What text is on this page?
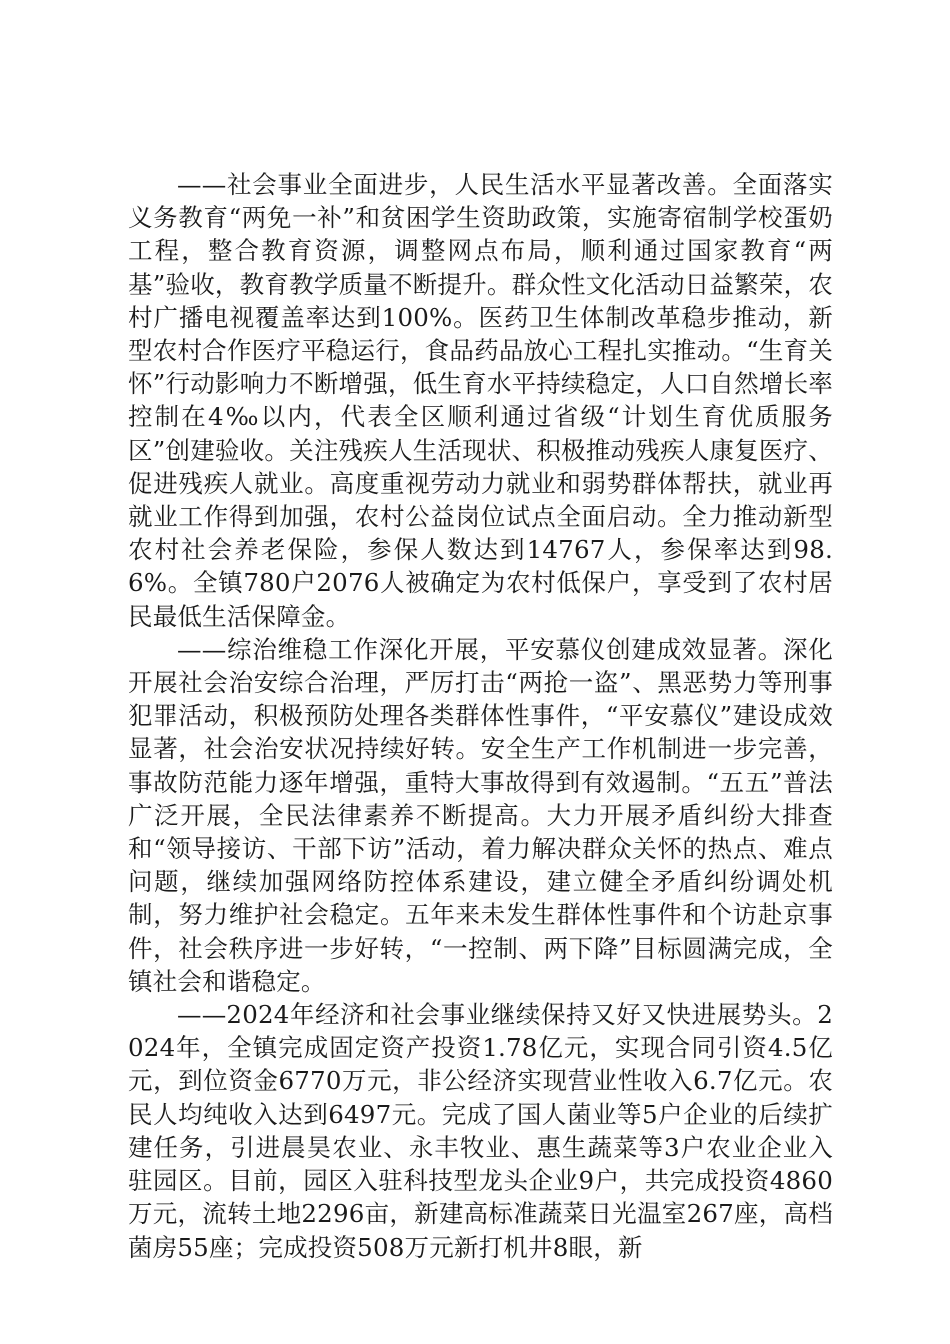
——社会事业全面进步，人民生活水平显著改善。全面落实义务教育“两免一补”和贫困学生资助政策，实施寄宿制学校蛋奶工程，整合教育资源，调整网点布局，顺利通过国家教育“两基”验收，教育教学质量不断提升。群众性文化活动日益繁荣，农村广播电视覆盖率达到100%。医药卫生体制改革稳步推动，新型农村合作医疗平稳运行，食品药品放心工程扎实推动。“生育关怀”行动影响力不断增强，低生育水平持续稳定，人口自然增长率控制在4‰以内，代表全区顺利通过省级“计划生育优质服务区”创建验收。关注残疾人生活现状、积极推动残疾人康复医疗、促进残疾人就业。高度重视劳动力就业和弱势群体帮扶，就业再就业工作得到加强，农村公益岗位试点全面启动。全力推动新型农村社会养老保险，参保人数达到14767人，参保率达到98.6%。全镇780户2076人被确定为农村低保户，享受到了农村居民最低生活保障金。

——综治维稳工作深化开展，平安慕仪创建成效显著。深化开展社会治安综合治理，严厉打击“两抢一盗”、黑恶势力等刑事犯罪活动，积极预防处理各类群体性事件，“平安慕仪”建设成效显著，社会治安状况持续好转。安全生产工作机制进一步完善，事故防范能力逐年增强，重特大事故得到有效遏制。“五五”普法广泛开展，全民法律素养不断提高。大力开展矛盾纠纷大排查和“领导接访、干部下访”活动，着力解决群众关怀的热点、难点问题，继续加强网络防控体系建设，建立健全矛盾纠纷调处机制，努力维护社会稳定。五年来未发生群体性事件和个访赴京事件，社会秩序进一步好转，“一控制、两下降”目标圆满完成，全镇社会和谐稳定。

——2024年经济和社会事业继续保持又好又快进展势头。2024年，全镇完成固定资产投资1.78亿元，实现合同引资4.5亿元，到位资金6770万元，非公经济实现营业性收入6.7亿元。农民人均纯收入达到6497元。完成了国人菌业等5户企业的后续扩建任务，引进晨昊农业、永丰牧业、惠生蔬菜等3户农业企业入驻园区。目前，园区入驻科技型龙头企业9户，共完成投资4860万元，流转土地2296亩，新建高标准蔬菜日光温室267座，高档菌房55座；完成投资508万元新打机井8眼，新
